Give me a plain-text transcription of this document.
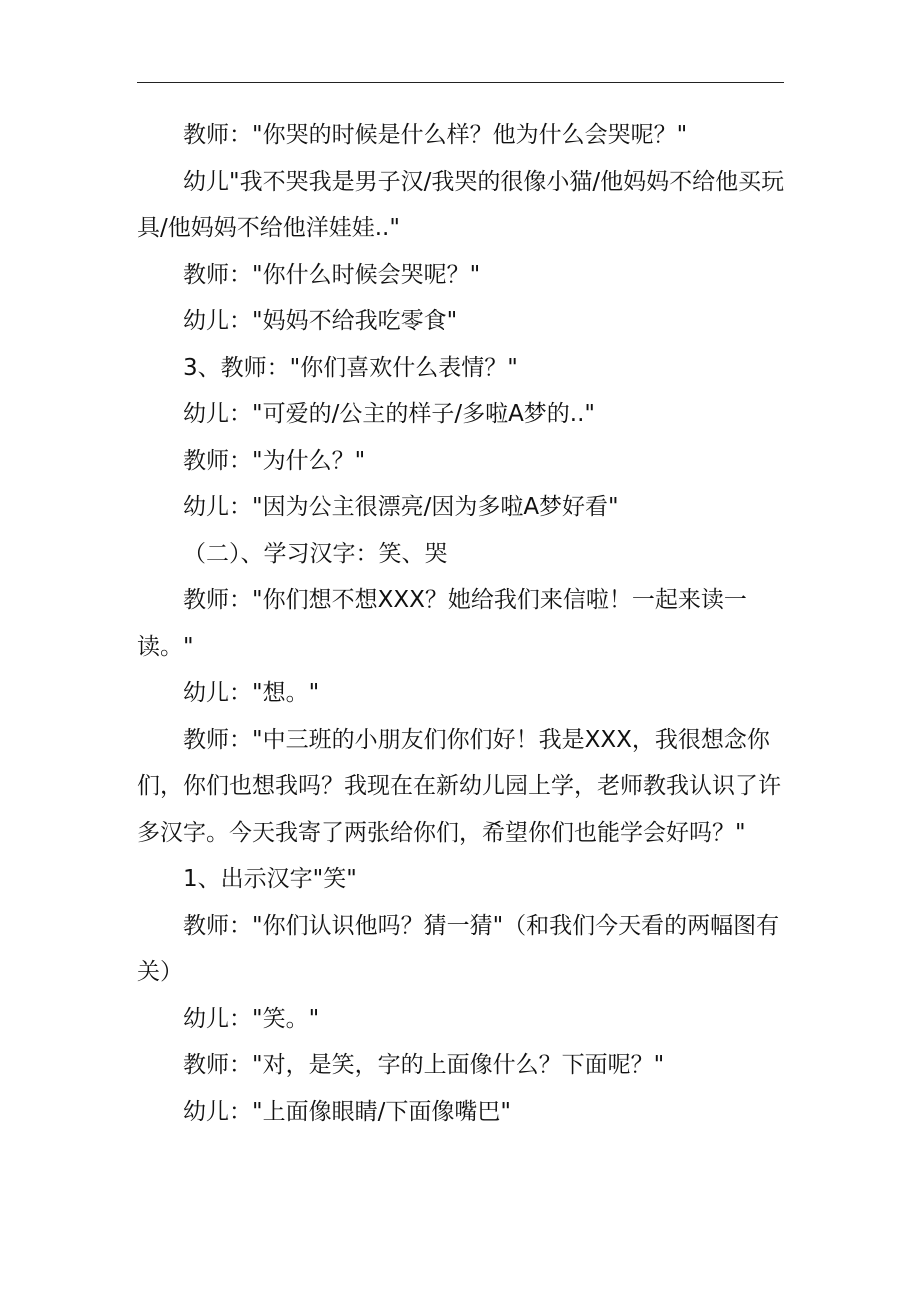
教师："你哭的时候是什么样？他为什么会哭呢？"

幼儿"我不哭我是男子汉/我哭的很像小猫/他妈妈不给他买玩具/他妈妈不给他洋娃娃.."

教师："你什么时候会哭呢？"

幼儿："妈妈不给我吃零食"

3、教师："你们喜欢什么表情？"

幼儿："可爱的/公主的样子/多啦A梦的.."

教师："为什么？"

幼儿："因为公主很漂亮/因为多啦A梦好看"

（二）、学习汉字：笑、哭

教师："你们想不想XXX？她给我们来信啦！一起来读一读。"

幼儿："想。"

教师："中三班的小朋友们你们好！我是XXX，我很想念你们，你们也想我吗？我现在在新幼儿园上学，老师教我认识了许多汉字。今天我寄了两张给你们，希望你们也能学会好吗？"

1、出示汉字"笑"

教师："你们认识他吗？猜一猜"（和我们今天看的两幅图有关）

幼儿："笑。"

教师："对，是笑，字的上面像什么？下面呢？"

幼儿："上面像眼睛/下面像嘴巴"
